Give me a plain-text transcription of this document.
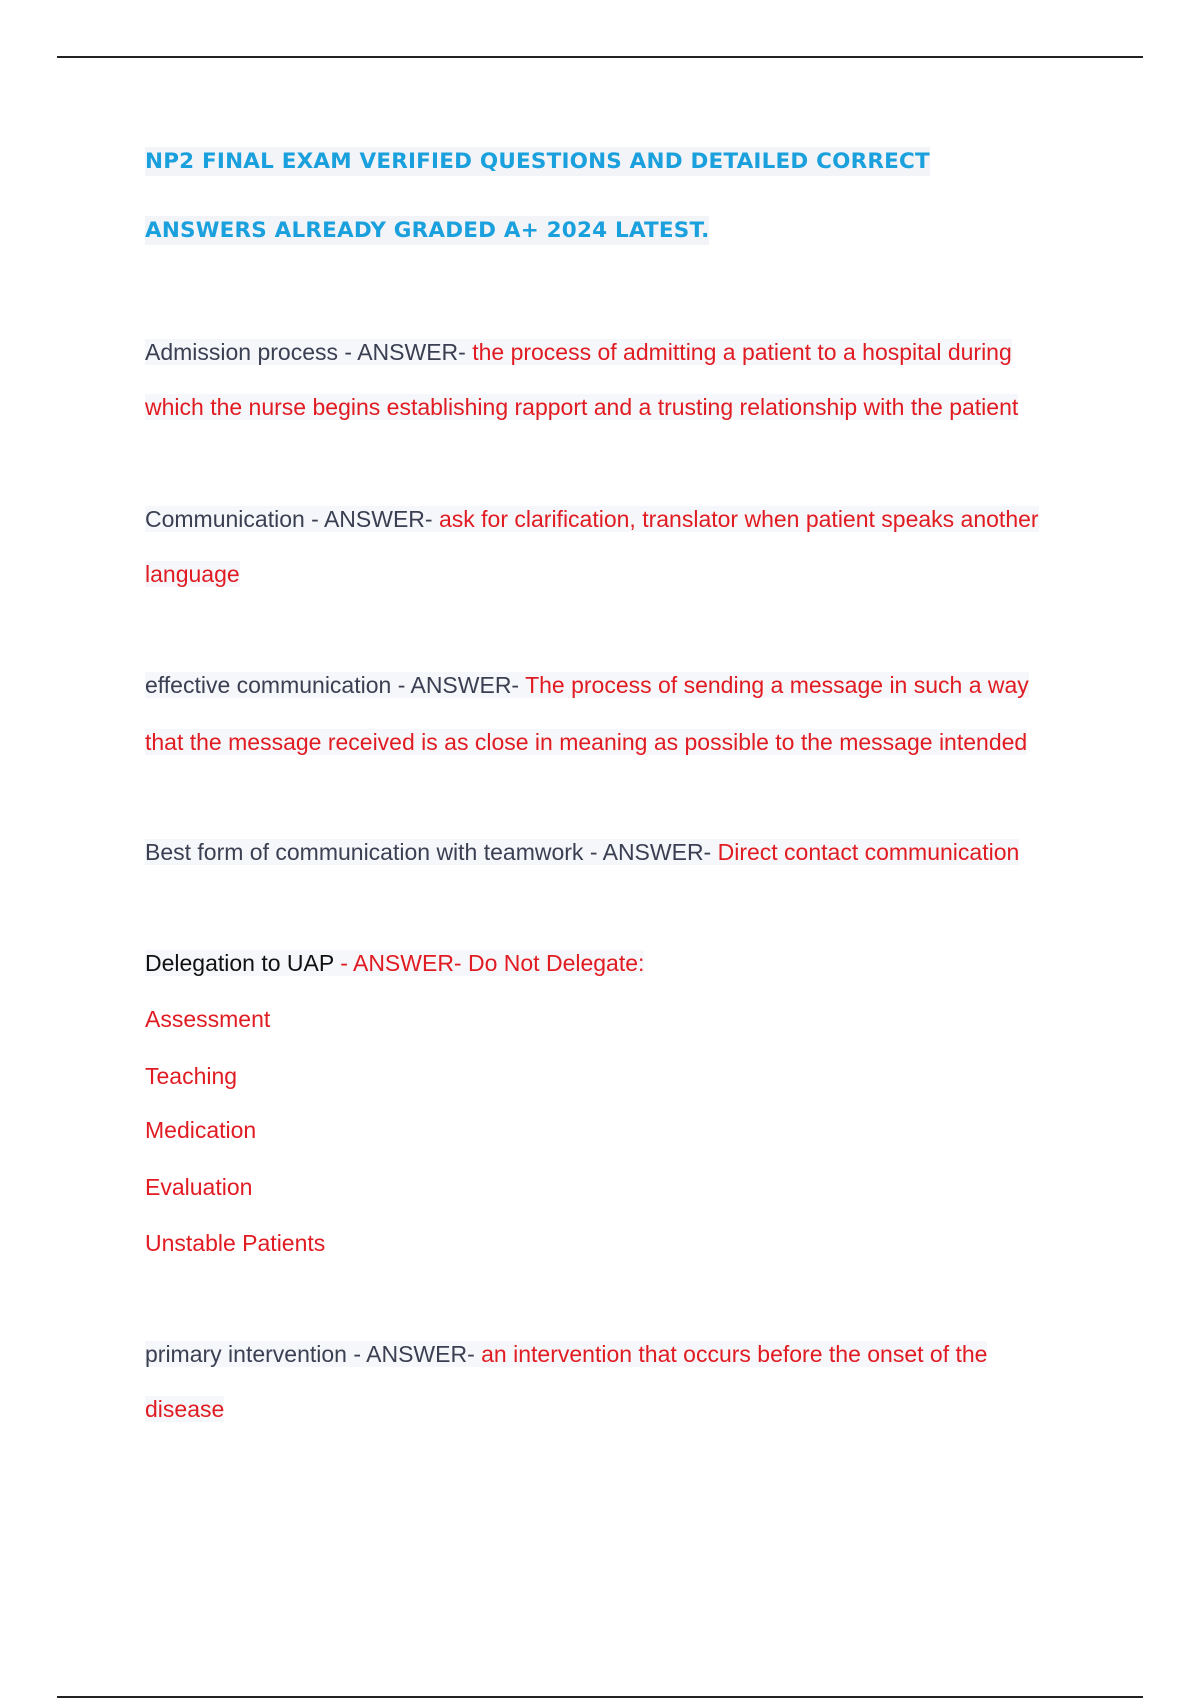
NP2 FINAL EXAM VERIFIED QUESTIONS AND DETAILED CORRECT
ANSWERS ALREADY GRADED A+ 2024 LATEST.
Admission process - ANSWER- the process of admitting a patient to a hospital during
which the nurse begins establishing rapport and a trusting relationship with the patient
Communication - ANSWER- ask for clarification, translator when patient speaks another
language
effective communication - ANSWER- The process of sending a message in such a way
that the message received is as close in meaning as possible to the message intended
Best form of communication with teamwork - ANSWER- Direct contact communication
Delegation to UAP - ANSWER- Do Not Delegate:
Assessment
Teaching
Medication
Evaluation
Unstable Patients
primary intervention - ANSWER- an intervention that occurs before the onset of the
disease
